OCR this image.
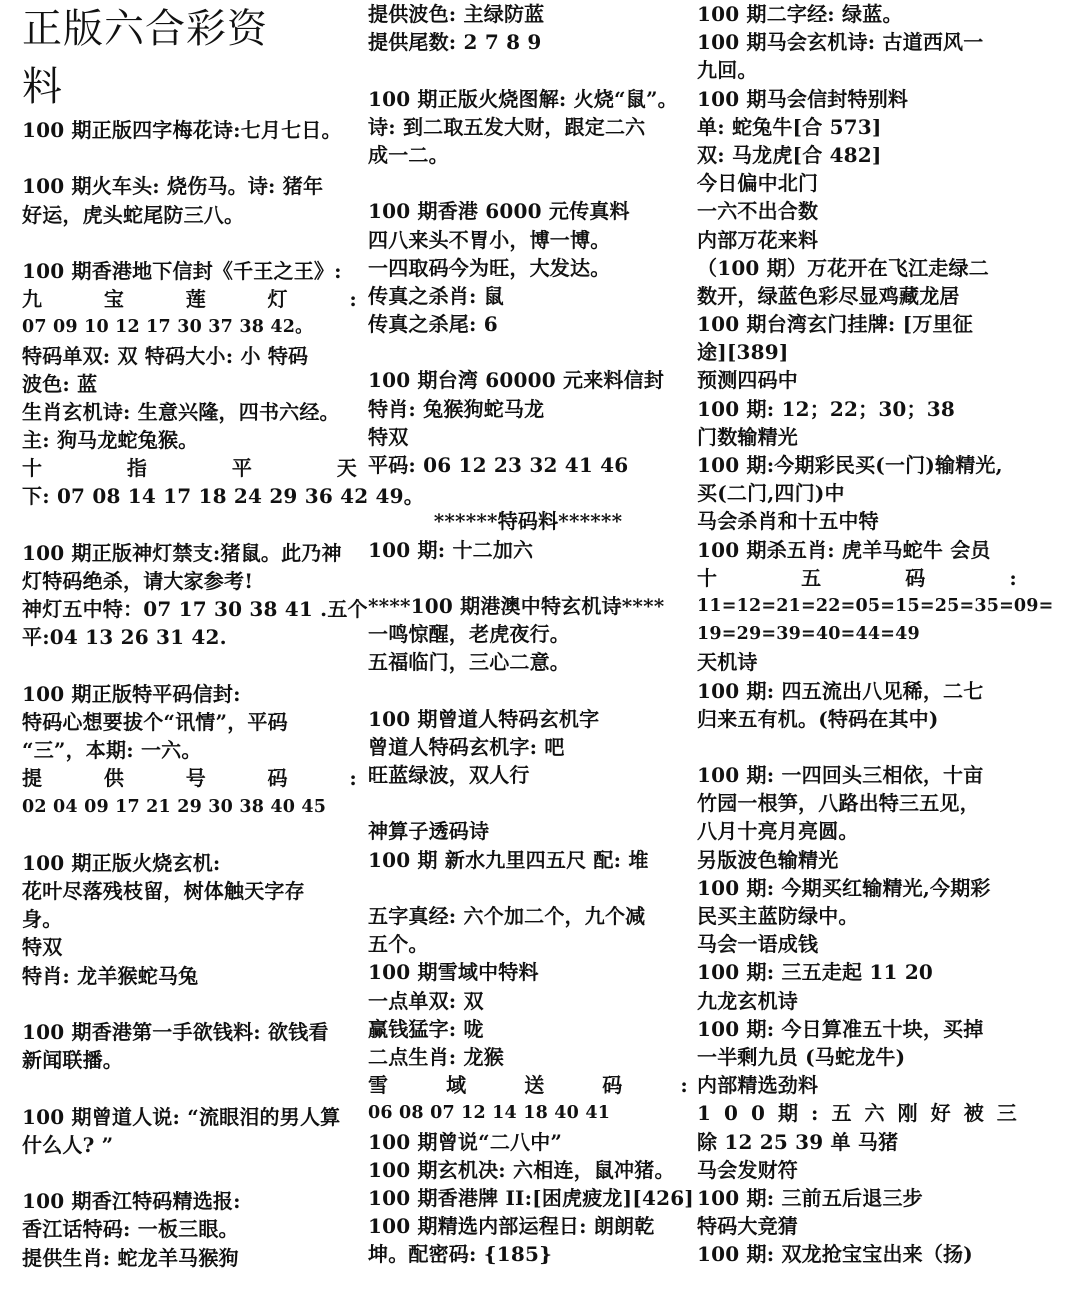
正版六合彩资
料
100 期正版四字梅花诗:七月七日。
100 期火车头: 烧伤马。诗: 猪年
好运，虎头蛇尾防三八。
100 期香港地下信封《千王之王》:
九	宝	莲	灯	:
07 09 10 12 17 30 37 38 42。
特码单双: 双 特码大小: 小 特码
波色: 蓝
生肖玄机诗: 生意兴隆，四书六经。
主: 狗马龙蛇兔猴。
十	指	平	天
下: 07 08 14 17 18 24 29 36 42 49。
100 期正版神灯禁支:猪鼠。此乃神
灯特码绝杀，请大家参考!
神灯五中特：07 17 30 38 41 .五个
平:04 13 26 31 42.
100 期正版特平码信封:
特码心想要拔个“讯情”，平码
“三”，本期: 一六。
提	供	号	码	:
02 04 09 17 21 29 30 38 40 45
100 期正版火烧玄机:
花叶尽落残枝留，树体触天字存
身。
特双
特肖: 龙羊猴蛇马兔
100 期香港第一手欲钱料: 欲钱看
新闻联播。
100 期曾道人说: “流眼泪的男人算
什么人? ”
100 期香江特码精选报:
香江话特码: 一板三眼。
提供生肖: 蛇龙羊马猴狗
提供波色: 主绿防蓝
提供尾数: 2 7 8 9
100 期正版火烧图解: 火烧“鼠”。
诗: 到二取五发大财，跟定二六
成一二。
100 期香港 6000 元传真料
四八来头不胃小，博一博。
一四取码今为旺，大发达。
传真之杀肖: 鼠
传真之杀尾: 6
100 期台湾 60000 元来料信封
特肖: 兔猴狗蛇马龙
特双
平码: 06 12 23 32 41 46
******特码料******
100 期: 十二加六
****100 期港澳中特玄机诗****
一鸣惊醒，老虎夜行。
五福临门，三心二意。
100 期曾道人特码玄机字
曾道人特码玄机字: 吧
旺蓝绿波，双人行
神算子透码诗
100 期 新水九里四五尺 配: 堆
五字真经: 六个加二个，九个减
五个。
100 期雪域中特料
一点单双: 双
赢钱猛字: 咙
二点生肖: 龙猴
雪	域	送	码	:
06 08 07 12 14 18 40 41
100 期曾说“二八中”
100 期玄机决: 六相连，鼠冲猪。
100 期香港牌 II:[困虎疲龙][426]
100 期精选内部运程日: 朗朗乾
坤。配密码: {185}
100 期二字经: 绿蓝。
100 期马会玄机诗: 古道西风一
九回。
100 期马会信封特别料
单: 蛇兔牛[合 573]
双: 马龙虎[合 482]
今日偏中北门
一六不出合数
内部万花来料
（100 期）万花开在飞江走绿二
数开，绿蓝色彩尽显鸡藏龙居
100 期台湾玄门挂牌: [万里征
途][389]
预测四码中
100 期: 12；22；30；38
门数输精光
100 期:今期彩民买(一门)输精光,
买(二门,四门)中
马会杀肖和十五中特
100 期杀五肖: 虎羊马蛇牛 会员
十	五	码	:
11=12=21=22=05=15=25=35=09=
19=29=39=40=44=49
天机诗
100 期: 四五流出八见稀，二七
归来五有机。(特码在其中)
100 期: 一四回头三相依，十亩
竹园一根笋，八路出特三五见，
八月十亮月亮圆。
另版波色输精光
100 期: 今期买红输精光,今期彩
民买主蓝防绿中。
马会一语成钱
100 期: 三五走起 11 20
九龙玄机诗
100 期: 今日算准五十块，买掉
一半剩九员 (马蛇龙牛)
内部精选劲料
1 0 0 期 : 五 六 刚 好 被 三
除 12 25 39 单 马猪
马会发财符
100 期: 三前五后退三步
特码大竞猜
100 期: 双龙抢宝宝出来（扬)
